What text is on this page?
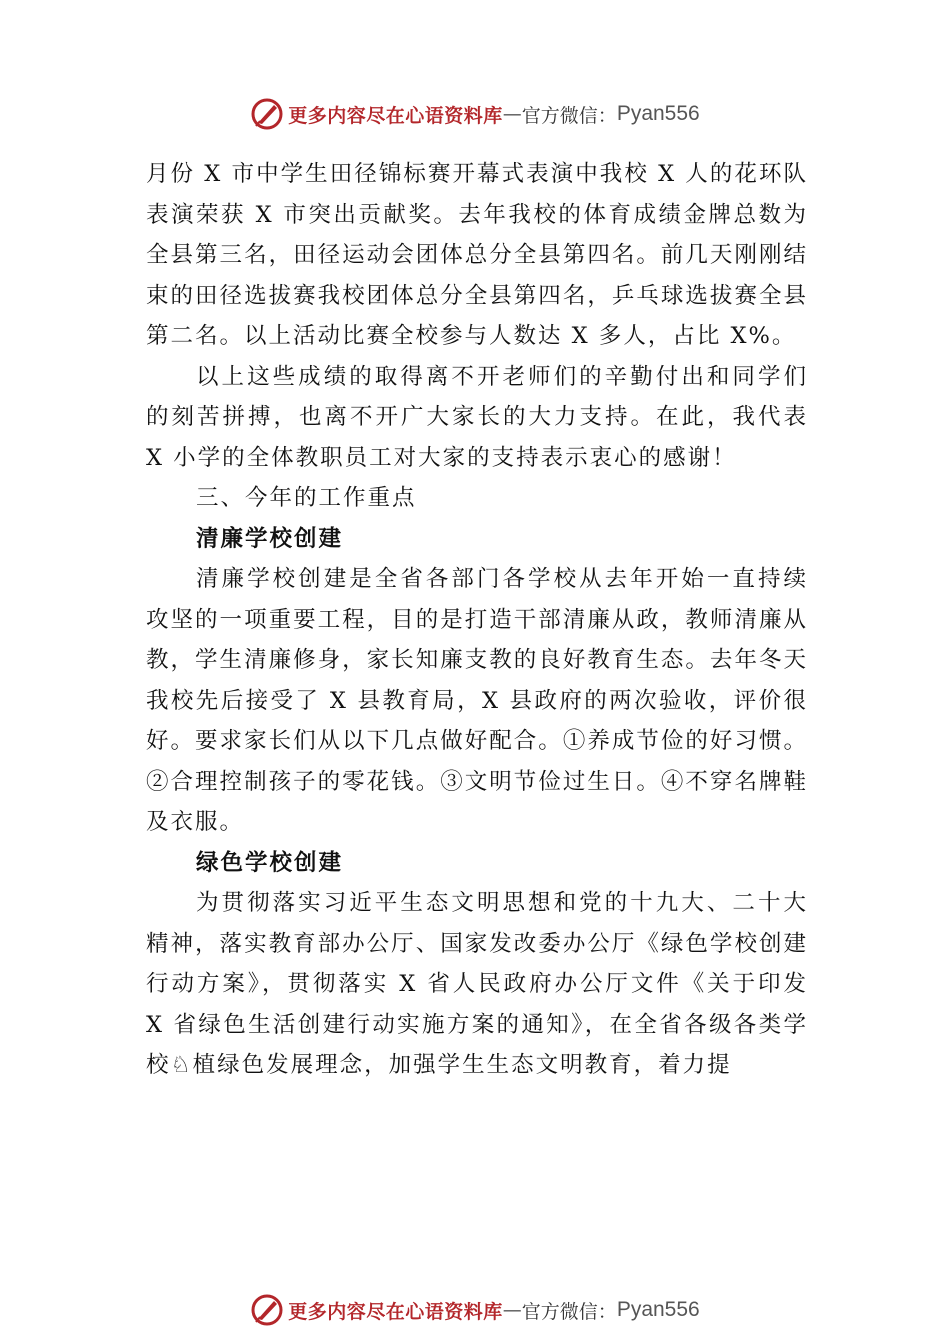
更多内容尽在心语资料库 — 官方微信： Pyan556

月份 X 市中学生田径锦标赛开幕式表演中我校 X 人的花环队表演荣获 X 市突出贡献奖。去年我校的体育成绩金牌总数为全县第三名，田径运动会团体总分全县第四名。前几天刚刚结束的田径选拔赛我校团体总分全县第四名，乒乓球选拔赛全县第二名。以上活动比赛全校参与人数达 X 多人，占比 X%。

以上这些成绩的取得离不开老师们的辛勤付出和同学们的刻苦拼搏，也离不开广大家长的大力支持。在此，我代表 X 小学的全体教职员工对大家的支持表示衷心的感谢！

三、今年的工作重点

清廉学校创建

清廉学校创建是全省各部门各学校从去年开始一直持续攻坚的一项重要工程，目的是打造干部清廉从政，教师清廉从教，学生清廉修身，家长知廉支教的良好教育生态。去年冬天我校先后接受了 X 县教育局，X 县政府的两次验收，评价很好。要求家长们从以下几点做好配合。①养成节俭的好习惯。②合理控制孩子的零花钱。③文明节俭过生日。④不穿名牌鞋及衣服。

绿色学校创建

为贯彻落实习近平生态文明思想和党的十九大、二十大精神，落实教育部办公厅、国家发改委办公厅《绿色学校创建行动方案》，贯彻落实 X 省人民政府办公厅文件《关于印发 X 省绿色生活创建行动实施方案的通知》，在全省各级各类学校♘植绿色发展理念，加强学生生态文明教育，着力提

更多内容尽在心语资料库 — 官方微信： Pyan556
